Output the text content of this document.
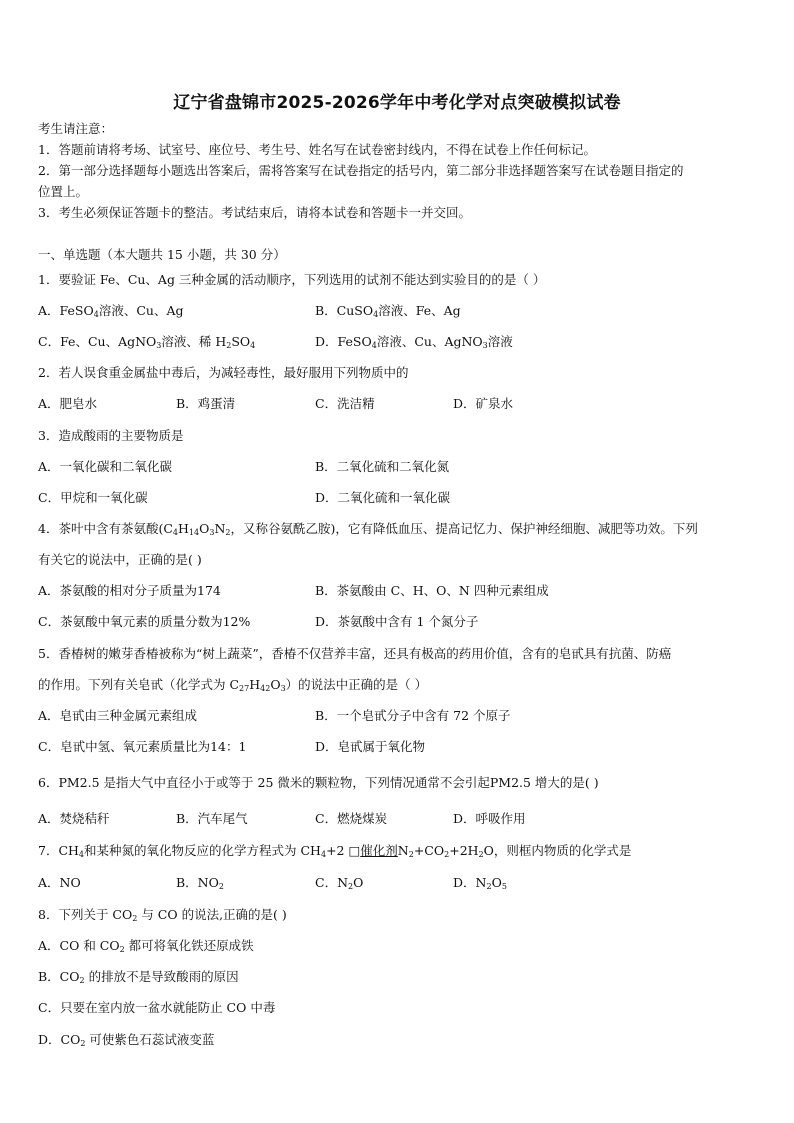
辽宁省盘锦市2025-2026学年中考化学对点突破模拟试卷
考生请注意：
1．答题前请将考场、试室号、座位号、考生号、姓名写在试卷密封线内，不得在试卷上作任何标记。
2．第一部分选择题每小题选出答案后，需将答案写在试卷指定的括号内，第二部分非选择题答案写在试卷题目指定的
位置上。
3．考生必须保证答题卡的整洁。考试结束后，请将本试卷和答题卡一并交回。
一、单选题（本大题共 15 小题，共 30 分）
1．要验证 Fe、Cu、Ag 三种金属的活动顺序，下列选用的试剂不能达到实验目的的是（ ）
A．FeSO$_4$溶液、Cu、Ag	B．CuSO$_4$溶液、Fe、Ag
C．Fe、Cu、AgNO$_3$溶液、稀 $H_2SO_4$	D．FeSO$_4$溶液、Cu、AgNO$_3$溶液
2．若人误食重金属盐中毒后，为减轻毒性，最好服用下列物质中的
A．肥皂水	B．鸡蛋清	C．洗洁精	D．矿泉水
3．造成酸雨的主要物质是
A．一氧化碳和二氧化碳	B．二氧化硫和二氧化氮
C．甲烷和一氧化碳	D．二氧化硫和一氧化碳
4．茶叶中含有茶氨酸($C_4H_{14}O_3N_2$，又称谷氨酰乙胺)，它有降低血压、提高记忆力、保护神经细胞、减肥等功效。下列
有关它的说法中，正确的是( )
A．茶氨酸的相对分子质量为174	B．茶氨酸由 C、H、O、N 四种元素组成
C．茶氨酸中氧元素的质量分数为12%	D．茶氨酸中含有 1 个氮分子
5．香椿树的嫩芽香椿被称为“树上蔬菜”，香椿不仅营养丰富，还具有极高的药用价值，含有的皂甙具有抗菌、防癌
的作用。下列有关皂甙（化学式为 $C_{27}H_{42}O_3$）的说法中正确的是（ ）
A．皂甙由三种金属元素组成	B．一个皂甙分子中含有 72 个原子
C．皂甙中氢、氧元素质量比为14：1	D．皂甙属于氧化物
6．PM2.5 是指大气中直径小于或等于 25 微米的颗粒物，下列情况通常不会引起PM2.5 增大的是( )
A．焚烧秸秆	B．汽车尾气	C．燃烧煤炭	D．呼吸作用
7．$CH_4$和某种氮的氧化物反应的化学方程式为 $CH_4+2$ □催化剂$N_2+CO_2+2H_2O$，则框内物质的化学式是
A．NO	B．$NO_2$	C．$N_2O$	D．$N_2O_5$
8．下列关于 $CO_2$ 与 CO 的说法,正确的是( )
A．CO 和 $CO_2$ 都可将氧化铁还原成铁
B．$CO_2$ 的排放不是导致酸雨的原因
C．只要在室内放一盆水就能防止 CO 中毒
D．$CO_2$ 可使紫色石蕊试液变蓝
